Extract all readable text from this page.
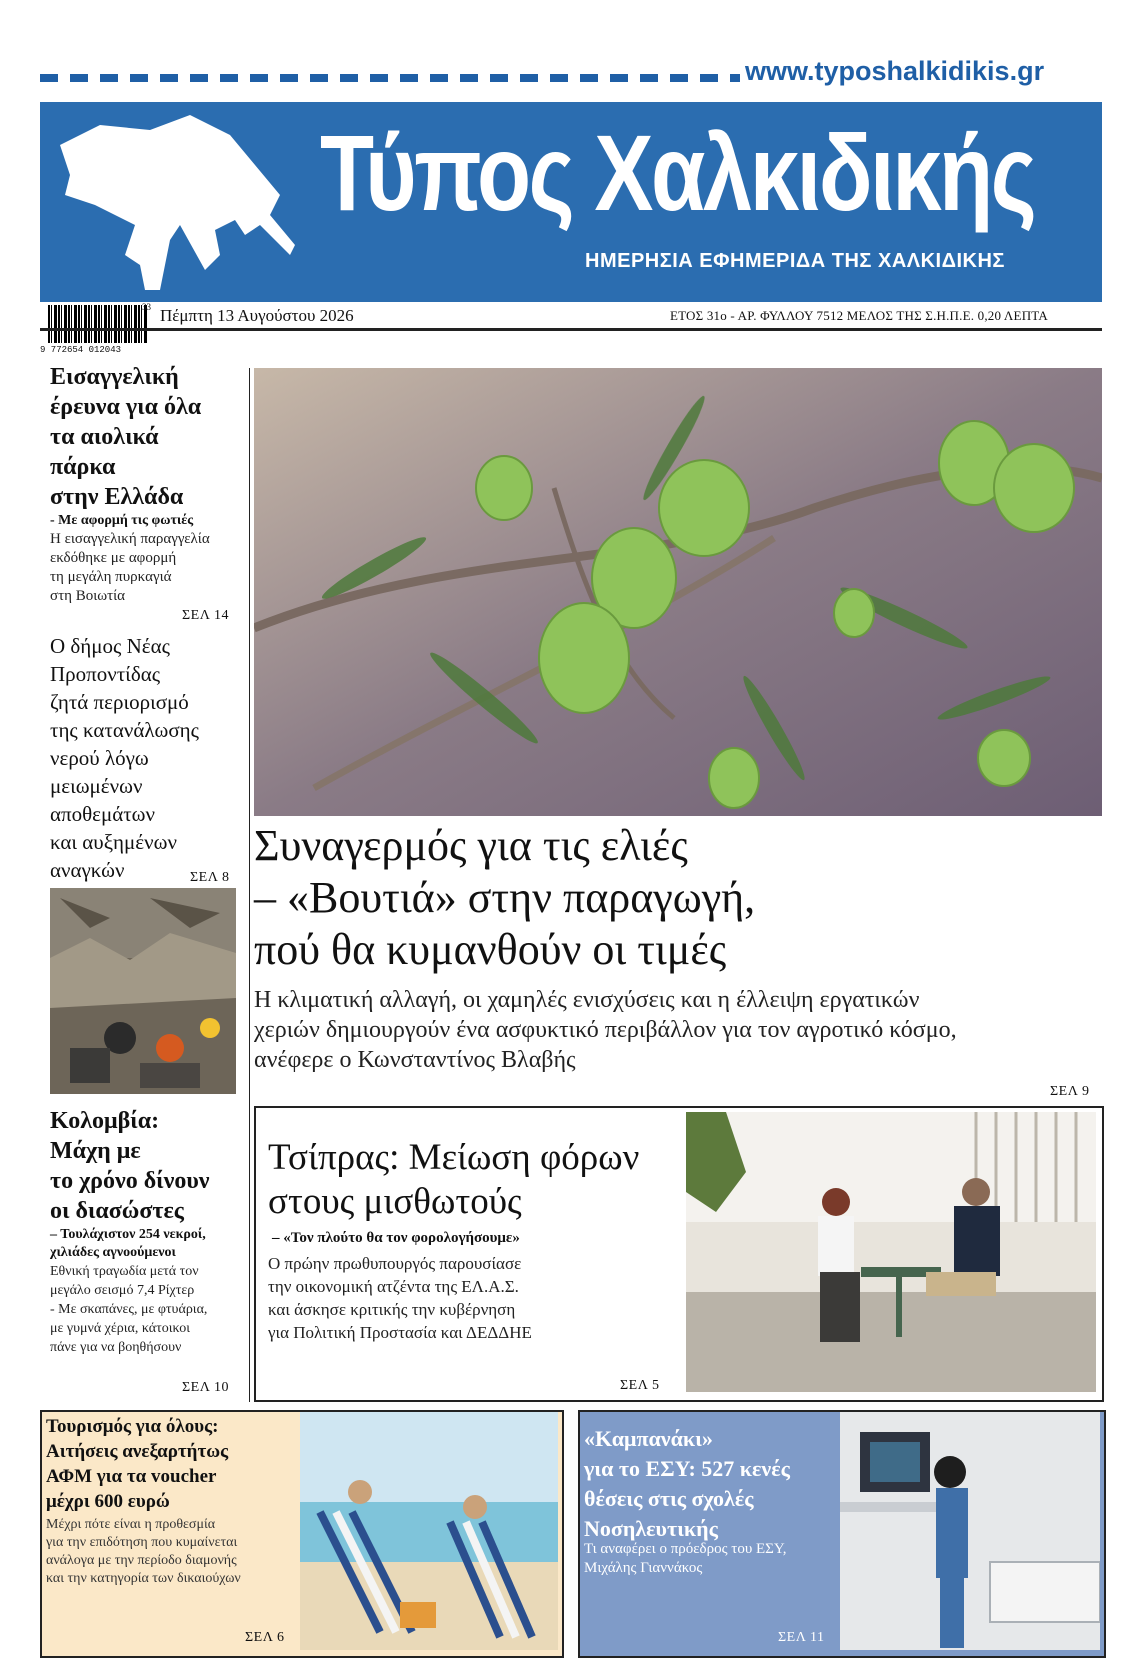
www.typoshalkidikis.gr
Τύπος Χαλκιδικής
ΗΜΕΡΗΣΙΑ ΕΦΗΜΕΡΙΔΑ ΤΗΣ ΧΑΛΚΙΔΙΚΗΣ
9 772654 012043
33 Πέμπτη 13 Αυγούστου 2026	ΕΤΟΣ 31ο - ΑΡ. ΦΥΛΛΟΥ 7512 ΜΕΛΟΣ ΤΗΣ Σ.Η.Π.Ε. 0,20 ΛΕΠΤΑ
Εισαγγελική
έρευνα για όλα
τα αιολικά
πάρκα
στην Ελλάδα
- Με αφορμή τις φωτιές
Η εισαγγελική παραγγελία
εκδόθηκε με αφορμή
τη μεγάλη πυρκαγιά
στη Βοιωτία
ΣΕΛ 14
Ο δήμος Νέας
Προποντίδας
ζητά περιορισμό
της κατανάλωσης
νερού λόγω
μειωμένων
αποθεμάτων
και αυξημένων
αναγκών	ΣΕΛ 8
Κολομβία:
Μάχη με
το χρόνο δίνουν
οι διασώστες
– Τουλάχιστον 254 νεκροί,
χιλιάδες αγνοούμενοι
Εθνική τραγωδία μετά τον
μεγάλο σεισμό 7,4 Ρίχτερ
- Με σκαπάνες, με φτυάρια,
με γυμνά χέρια, κάτοικοι
πάνε για να βοηθήσουν
ΣΕΛ 10
Συναγερμός για τις ελιές
– «Βουτιά» στην παραγωγή,
πού θα κυμανθούν οι τιμές
Η κλιματική αλλαγή, οι χαμηλές ενισχύσεις και η έλλειψη εργατικών
χεριών δημιουργούν ένα ασφυκτικό περιβάλλον για τον αγροτικό κόσμο,
ανέφερε ο Κωνσταντίνος Βλαβής
ΣΕΛ 9
Τσίπρας: Μείωση φόρων
στους μισθωτούς
– «Τον πλούτο θα τον φορολογήσουμε»
Ο πρώην πρωθυπουργός παρουσίασε
την οικονομική ατζέντα της ΕΛ.Α.Σ.
και άσκησε κριτικής την κυβέρνηση
για Πολιτική Προστασία και ΔΕΔΔΗΕ
ΣΕΛ 5
Τουρισμός για όλους:
Αιτήσεις ανεξαρτήτως
ΑΦΜ για τα voucher
μέχρι 600 ευρώ
Μέχρι πότε είναι η προθεσμία
για την επιδότηση που κυμαίνεται
ανάλογα με την περίοδο διαμονής
και την κατηγορία των δικαιούχων
ΣΕΛ 6
«Καμπανάκι»
για το ΕΣΥ: 527 κενές
θέσεις στις σχολές
Νοσηλευτικής
Τι αναφέρει ο πρόεδρος του ΕΣΥ,
Μιχάλης Γιαννάκος
ΣΕΛ 11
